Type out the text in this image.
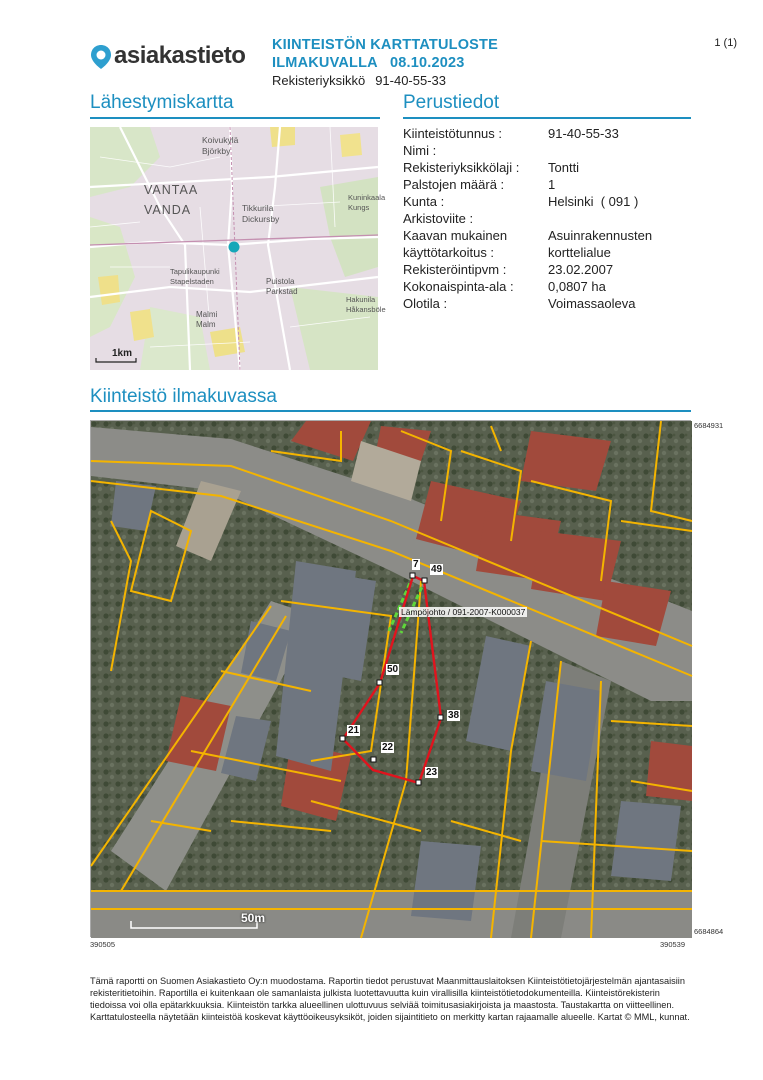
asiakastieto KIINTEISTÖN KARTTATULOSTE
ILMAKUVALLA   08.10.2023
Rekisteriyksikkö 91-40-55-33
1 (1)
Lähestymiskartta	Perustiedot
Koivukylä
Björkby
VANTAA
VANDA	Tikkurila
Dickursby
Tapulikaupunki
Stapelstaden	Puistola
Parkstad
Malmi
Malm
Hakunila
Håkansböle
Kuninkaala
Kungs
1km
Kiinteistötunnus :	91-40-55-33
Nimi :
Rekisteriyksikkölaji : Tontti
Palstojen määrä :	1
Kunta :	Helsinki  ( 091 )
Arkistoviite :
Kaavan mukainen	Asuinrakennusten
käyttötarkoitus :	korttelialue
Rekisteröintipvm :	23.02.2007
Kokonaispinta-ala :	0,0807 ha
Olotila :	Voimassaoleva
Kiinteistö ilmakuvassa
7 49
50
38
21
22
23
Lämpöjohto / 091-2007-K000037
50m
6684931
6684864
390505	390539
Tämä raportti on Suomen Asiakastieto Oy:n muodostama. Raportin tiedot perustuvat Maanmittauslaitoksen Kiinteistötietojärjestelmän ajantasaisiin rekisteritietoihin. Raportilla ei kuitenkaan ole samanlaista julkista luotettavuutta kuin virallisilla kiinteistötietodokumenteilla. Kiinteistörekisterin tiedoissa voi olla epätarkkuuksia. Kiinteistön tarkka alueellinen ulottuvuus selviää toimitusasiakirjoista ja maastosta. Taustakartta on viitteellinen. Karttatulosteella näytetään kiinteistöä koskevat käyttöoikeusyksiköt, joiden sijaintitieto on merkitty kartan rajaamalle alueelle. Kartat © MML, kunnat.
